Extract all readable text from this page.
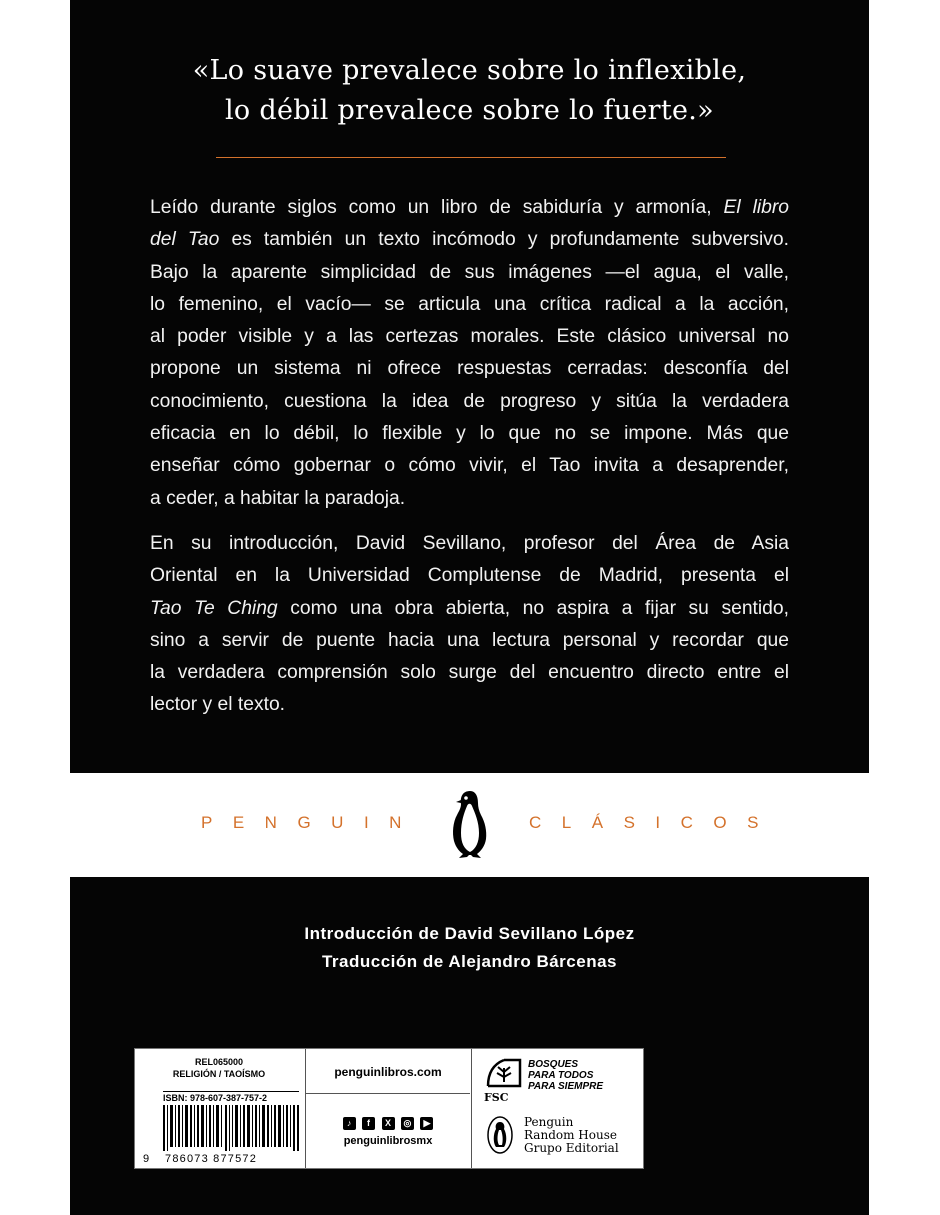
«Lo suave prevalece sobre lo inflexible,
lo débil prevalece sobre lo fuerte.»
Leído durante siglos como un libro de sabiduría y armonía, El libro
del Tao es también un texto incómodo y profundamente subversivo.
Bajo la aparente simplicidad de sus imágenes —el agua, el valle,
lo femenino, el vacío— se articula una crítica radical a la acción,
al poder visible y a las certezas morales. Este clásico universal no
propone un sistema ni ofrece respuestas cerradas: desconfía del
conocimiento, cuestiona la idea de progreso y sitúa la verdadera
eficacia en lo débil, lo flexible y lo que no se impone. Más que
enseñar cómo gobernar o cómo vivir, el Tao invita a desaprender,
a ceder, a habitar la paradoja.
En su introducción, David Sevillano, profesor del Área de Asia
Oriental en la Universidad Complutense de Madrid, presenta el
Tao Te Ching como una obra abierta, no aspira a fijar su sentido,
sino a servir de puente hacia una lectura personal y recordar que
la verdadera comprensión solo surge del encuentro directo entre el
lector y el texto.
PENGUIN	CLÁSICOS
Introducción de David Sevillano López
Traducción de Alejandro Bárcenas
REL065000
RELIGIÓN / TAOÍSMO
ISBN: 978-607-387-757-2
9 786073 877572
penguinlibros.com
♪ f X ◎ ▶
penguinlibrosmx
BOSQUES
PARA TODOS
PARA SIEMPRE
FSC
Penguin
Random House
Grupo Editorial
